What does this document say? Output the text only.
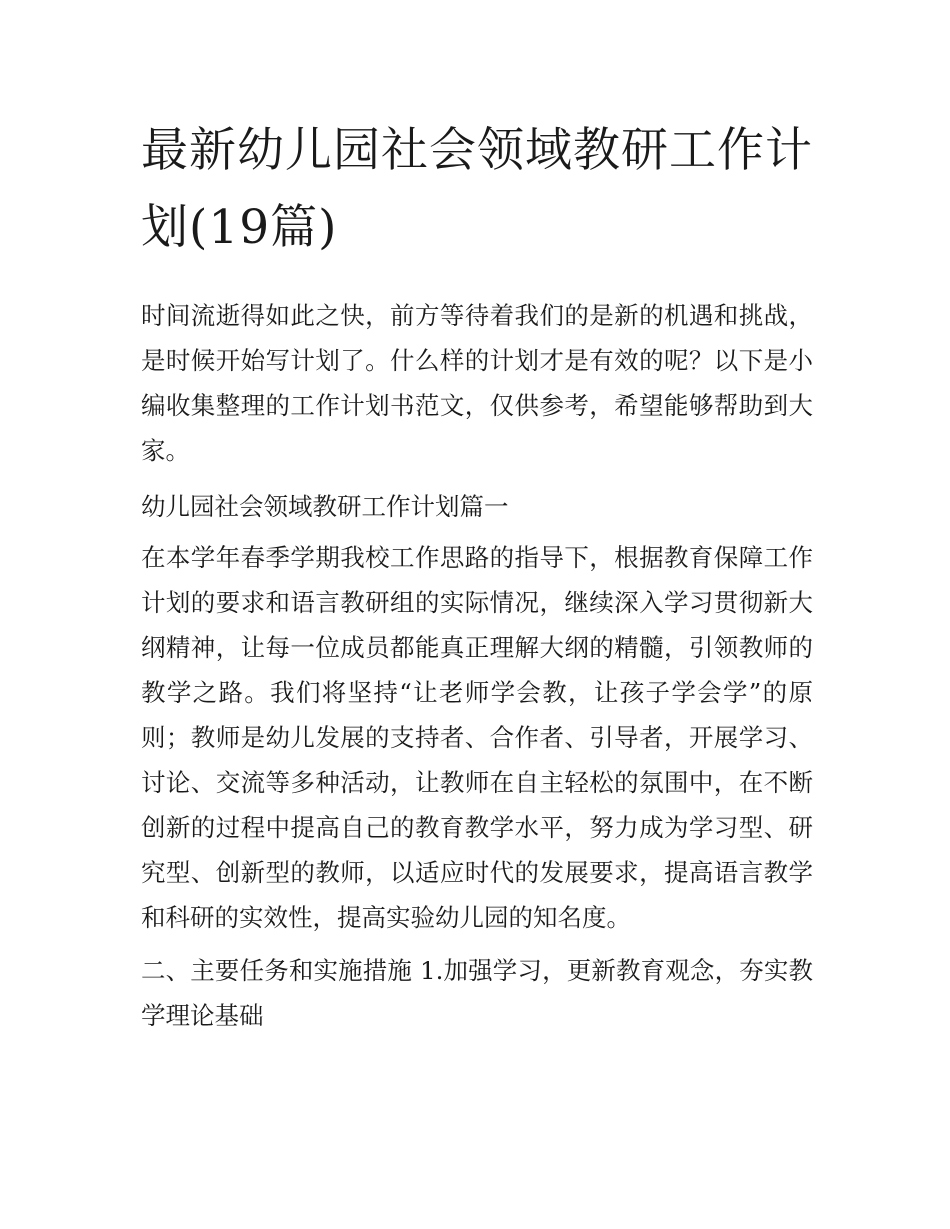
最新幼儿园社会领域教研工作计划(19篇)

时间流逝得如此之快，前方等待着我们的是新的机遇和挑战，是时候开始写计划了。什么样的计划才是有效的呢？以下是小编收集整理的工作计划书范文，仅供参考，希望能够帮助到大家。

幼儿园社会领域教研工作计划篇一

在本学年春季学期我校工作思路的指导下，根据教育保障工作计划的要求和语言教研组的实际情况，继续深入学习贯彻新大纲精神，让每一位成员都能真正理解大纲的精髓，引领教师的教学之路。我们将坚持“让老师学会教，让孩子学会学”的原则；教师是幼儿发展的支持者、合作者、引导者，开展学习、讨论、交流等多种活动，让教师在自主轻松的氛围中，在不断创新的过程中提高自己的教育教学水平，努力成为学习型、研究型、创新型的教师，以适应时代的发展要求，提高语言教学和科研的实效性，提高实验幼儿园的知名度。

二、主要任务和实施措施 1.加强学习，更新教育观念，夯实教学理论基础
